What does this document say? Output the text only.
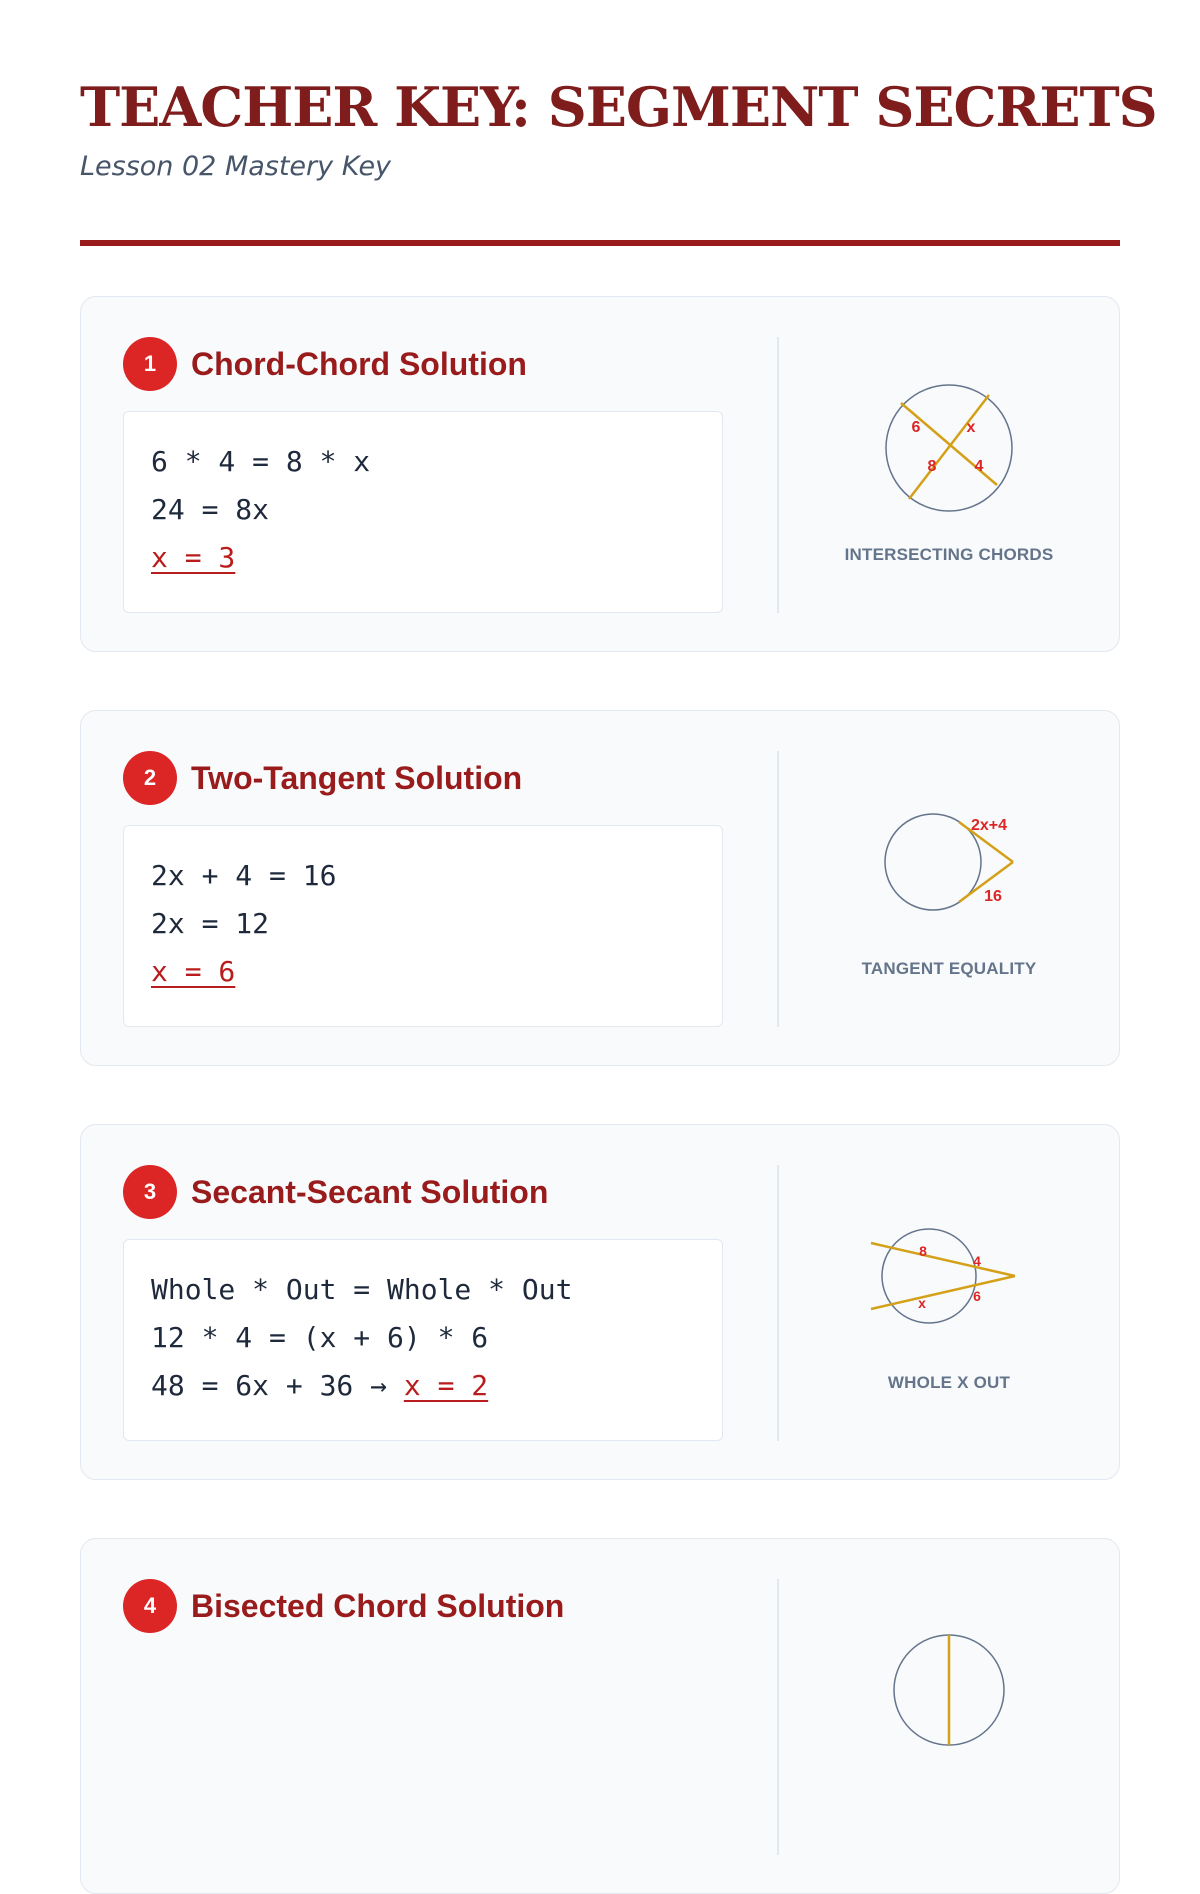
TEACHER KEY: SEGMENT SECRETS
Lesson 02 Mastery Key
1	Chord-Chord Solution
6 * 4 = 8 * x
24 = 8x
x = 3
6	x
8 4
INTERSECTING CHORDS
2	Two-Tangent Solution
2x + 4 = 16
2x = 12
x = 6
2x+4
16
TANGENT EQUALITY
3	Secant-Secant Solution
Whole * Out = Whole * Out
12 * 4 = (x + 6) * 6
48 = 6x + 36 → x = 2
8
4
6
x
WHOLE X OUT
4	Bisected Chord Solution
